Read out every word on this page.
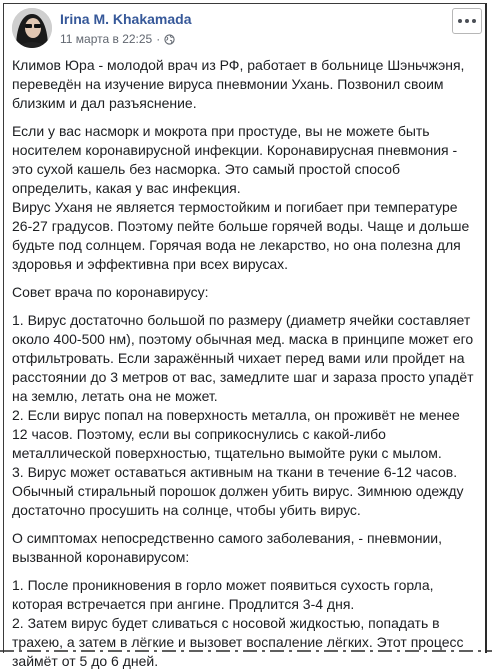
Irina M. Khakamada
11 марта в 22:25 ·

Климов Юра - молодой врач из РФ, работает в больнице Шэньчжэня, переведён на изучение вируса пневмонии Ухань. Позвонил своим близким и дал разъяснение.

Если у вас насморк и мокрота при простуде, вы не можете быть носителем коронавирусной инфекции. Коронавирусная пневмония - это сухой кашель без насморка. Это самый простой способ определить, какая у вас инфекция.

Вирус Уханя не является термостойким и погибает при температуре 26-27 градусов. Поэтому пейте больше горячей воды. Чаще и дольше будьте под солнцем. Горячая вода не лекарство, но она полезна для здоровья и эффективна при всех вирусах.

Совет врача по коронавирусу:

1. Вирус достаточно большой по размеру (диаметр ячейки составляет около 400-500 нм), поэтому обычная мед. маска в принципе может его отфильтровать. Если заражённый чихает перед вами или пройдет на расстоянии до 3 метров от вас, замедлите шаг и зараза просто упадёт на землю, летать она не может.

2. Если вирус попал на поверхность металла, он проживёт не менее 12 часов. Поэтому, если вы соприкоснулись с какой-либо металлической поверхностью, тщательно вымойте руки с мылом.

3. Вирус может оставаться активным на ткани в течение 6-12 часов. Обычный стиральный порошок должен убить вирус. Зимнюю одежду достаточно просушить на солнце, чтобы убить вирус.

О симптомах непосредственно самого заболевания, - пневмонии, вызванной коронавирусом:

1. После проникновения в горло может появиться сухость горла, которая встречается при ангине. Продлится 3-4 дня.

2. Затем вирус будет сливаться с носовой жидкостью, попадать в трахею, а затем в лёгкие и вызовет воспаление лёгких. Этот процесс займёт от 5 до 6 дней.
